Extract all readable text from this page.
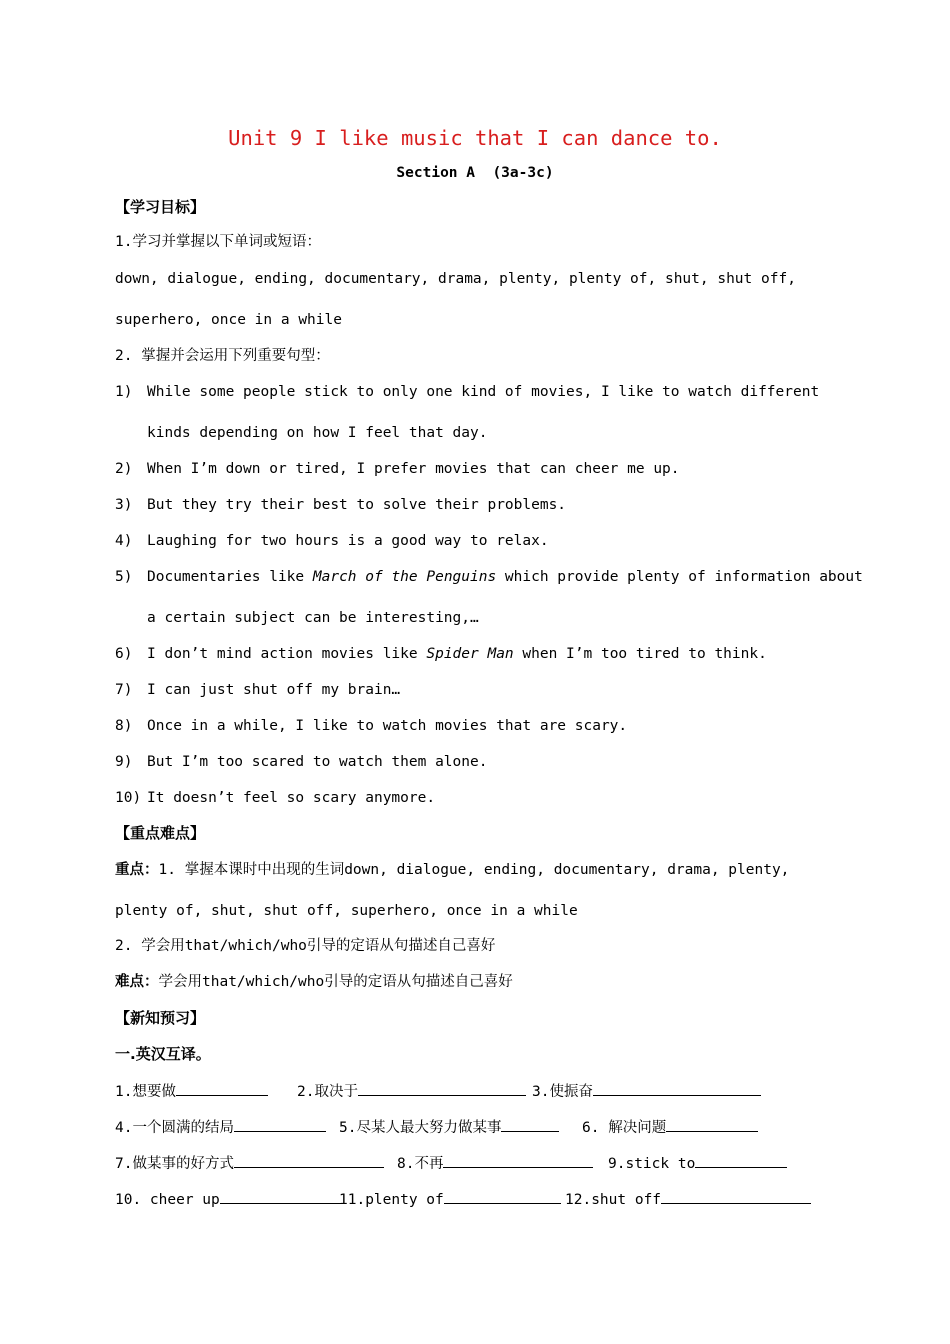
Unit 9 I like music that I can dance to.
Section A  (3a-3c)
【学习目标】
1.学习并掌握以下单词或短语：
down, dialogue, ending, documentary, drama, plenty, plenty of, shut, shut off,
superhero, once in a while
2. 掌握并会运用下列重要句型：
1) While some people stick to only one kind of movies, I like to watch different
kinds depending on how I feel that day.
2) When I’m down or tired, I prefer movies that can cheer me up.
3) But they try their best to solve their problems.
4) Laughing for two hours is a good way to relax.
5) Documentaries like March of the Penguins which provide plenty of information about
a certain subject can be interesting,…
6) I don’t mind action movies like Spider Man when I’m too tired to think.
7) I can just shut off my brain…
8) Once in a while, I like to watch movies that are scary.
9) But I’m too scared to watch them alone.
10) It doesn’t feel so scary anymore.
【重点难点】
重点：1. 掌握本课时中出现的生词down, dialogue, ending, documentary, drama, plenty,
plenty of, shut, shut off, superhero, once in a while
2. 学会用that/which/who引导的定语从句描述自己喜好
难点：学会用that/which/who引导的定语从句描述自己喜好
【新知预习】
一.英汉互译。
1.想要做	2.取决于	3.使振奋
4.一个圆满的结局	5.尽某人最大努力做某事	6. 解决问题
7.做某事的好方式	8.不再	9.stick to
10. cheer up	11.plenty of	12.shut off
